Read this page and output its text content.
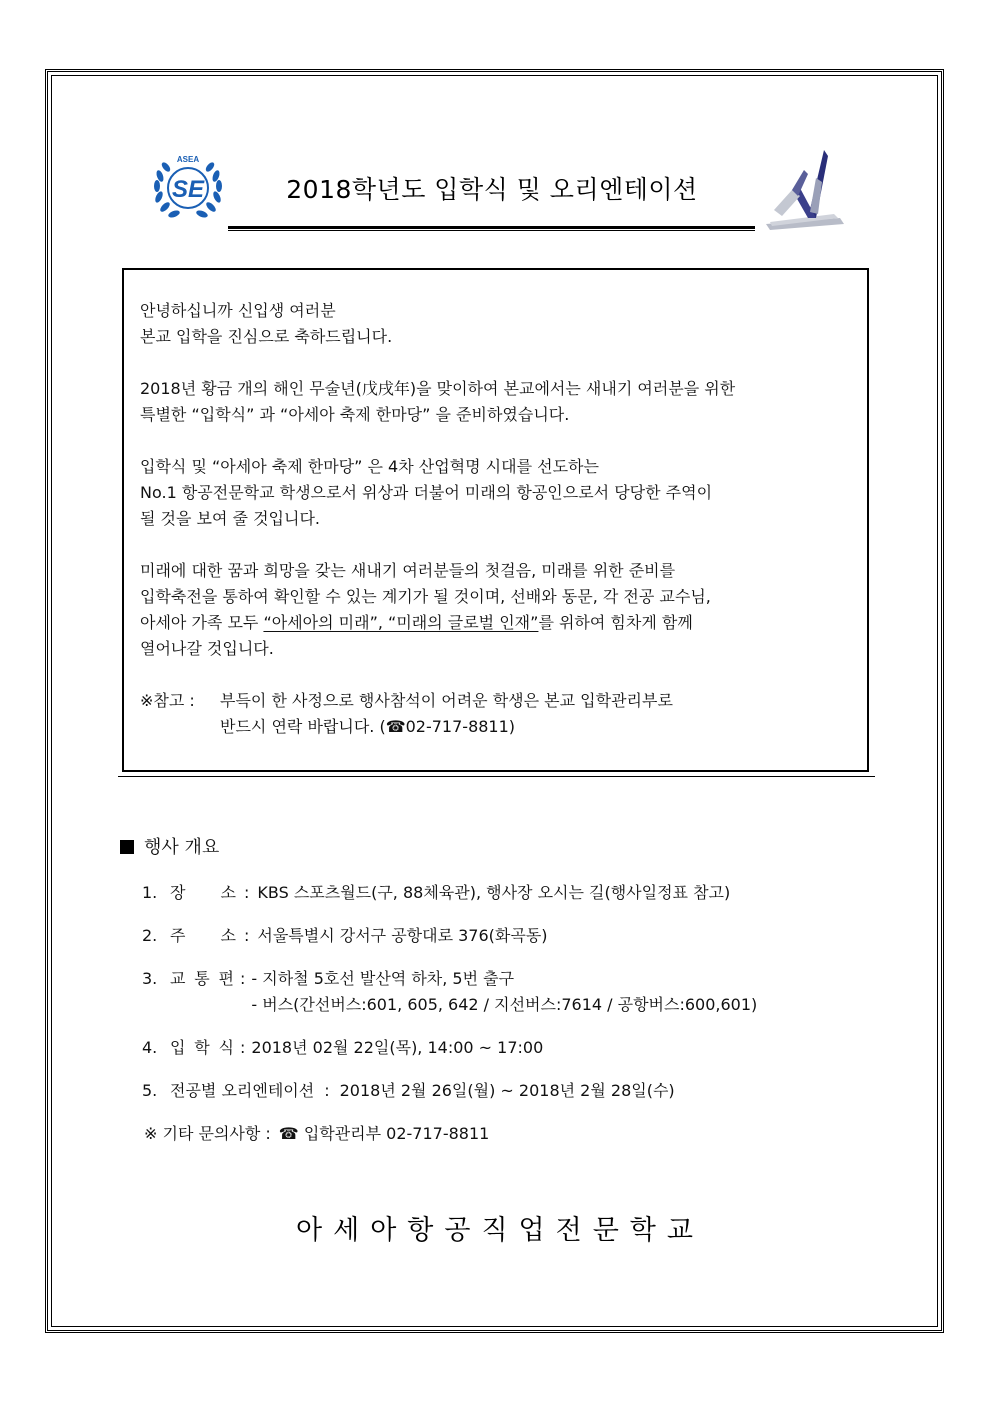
ASEA
SE	2018학년도 입학식 및 오리엔테이션
안녕하십니까 신입생 여러분
본교 입학을 진심으로 축하드립니다.
2018년 황금 개의 해인 무술년(戊戌年)을 맞이하여 본교에서는 새내기 여러분을 위한
특별한 “입학식” 과 “아세아 축제 한마당” 을 준비하였습니다.
입학식 및 “아세아 축제 한마당” 은 4차 산업혁명 시대를 선도하는
No.1 항공전문학교 학생으로서 위상과 더불어 미래의 항공인으로서 당당한 주역이
될 것을 보여 줄 것입니다.
미래에 대한 꿈과 희망을 갖는 새내기 여러분들의 첫걸음, 미래를 위한 준비를
입학축전을 통하여 확인할 수 있는 계기가 될 것이며, 선배와 동문, 각 전공 교수님,
아세아 가족 모두 “아세아의 미래”, “미래의 글로벌 인재”를 위하여 힘차게 함께
열어나갈 것입니다.
※참고 :	부득이 한 사정으로 행사참석이 어려운 학생은 본교 입학관리부로
반드시 연락 바랍니다. (☎02-717-8811)
행사 개요
1. 장 소 : KBS 스포츠월드(구, 88체육관), 행사장 오시는 길(행사일정표 참고)
2. 주 소 : 서울특별시 강서구 공항대로 376(화곡동)
3. 교 통 편 : - 지하철 5호선 발산역 하차, 5번 출구
- 버스(간선버스:601, 605, 642 / 지선버스:7614 / 공항버스:600,601)
4. 입 학 식 : 2018년 02월 22일(목), 14:00 ~ 17:00
5. 전공별 오리엔테이션 : 2018년 2월 26일(월) ~ 2018년 2월 28일(수)
※ 기타 문의사항 : ☎ 입학관리부 02-717-8811
아세아항공직업전문학교
